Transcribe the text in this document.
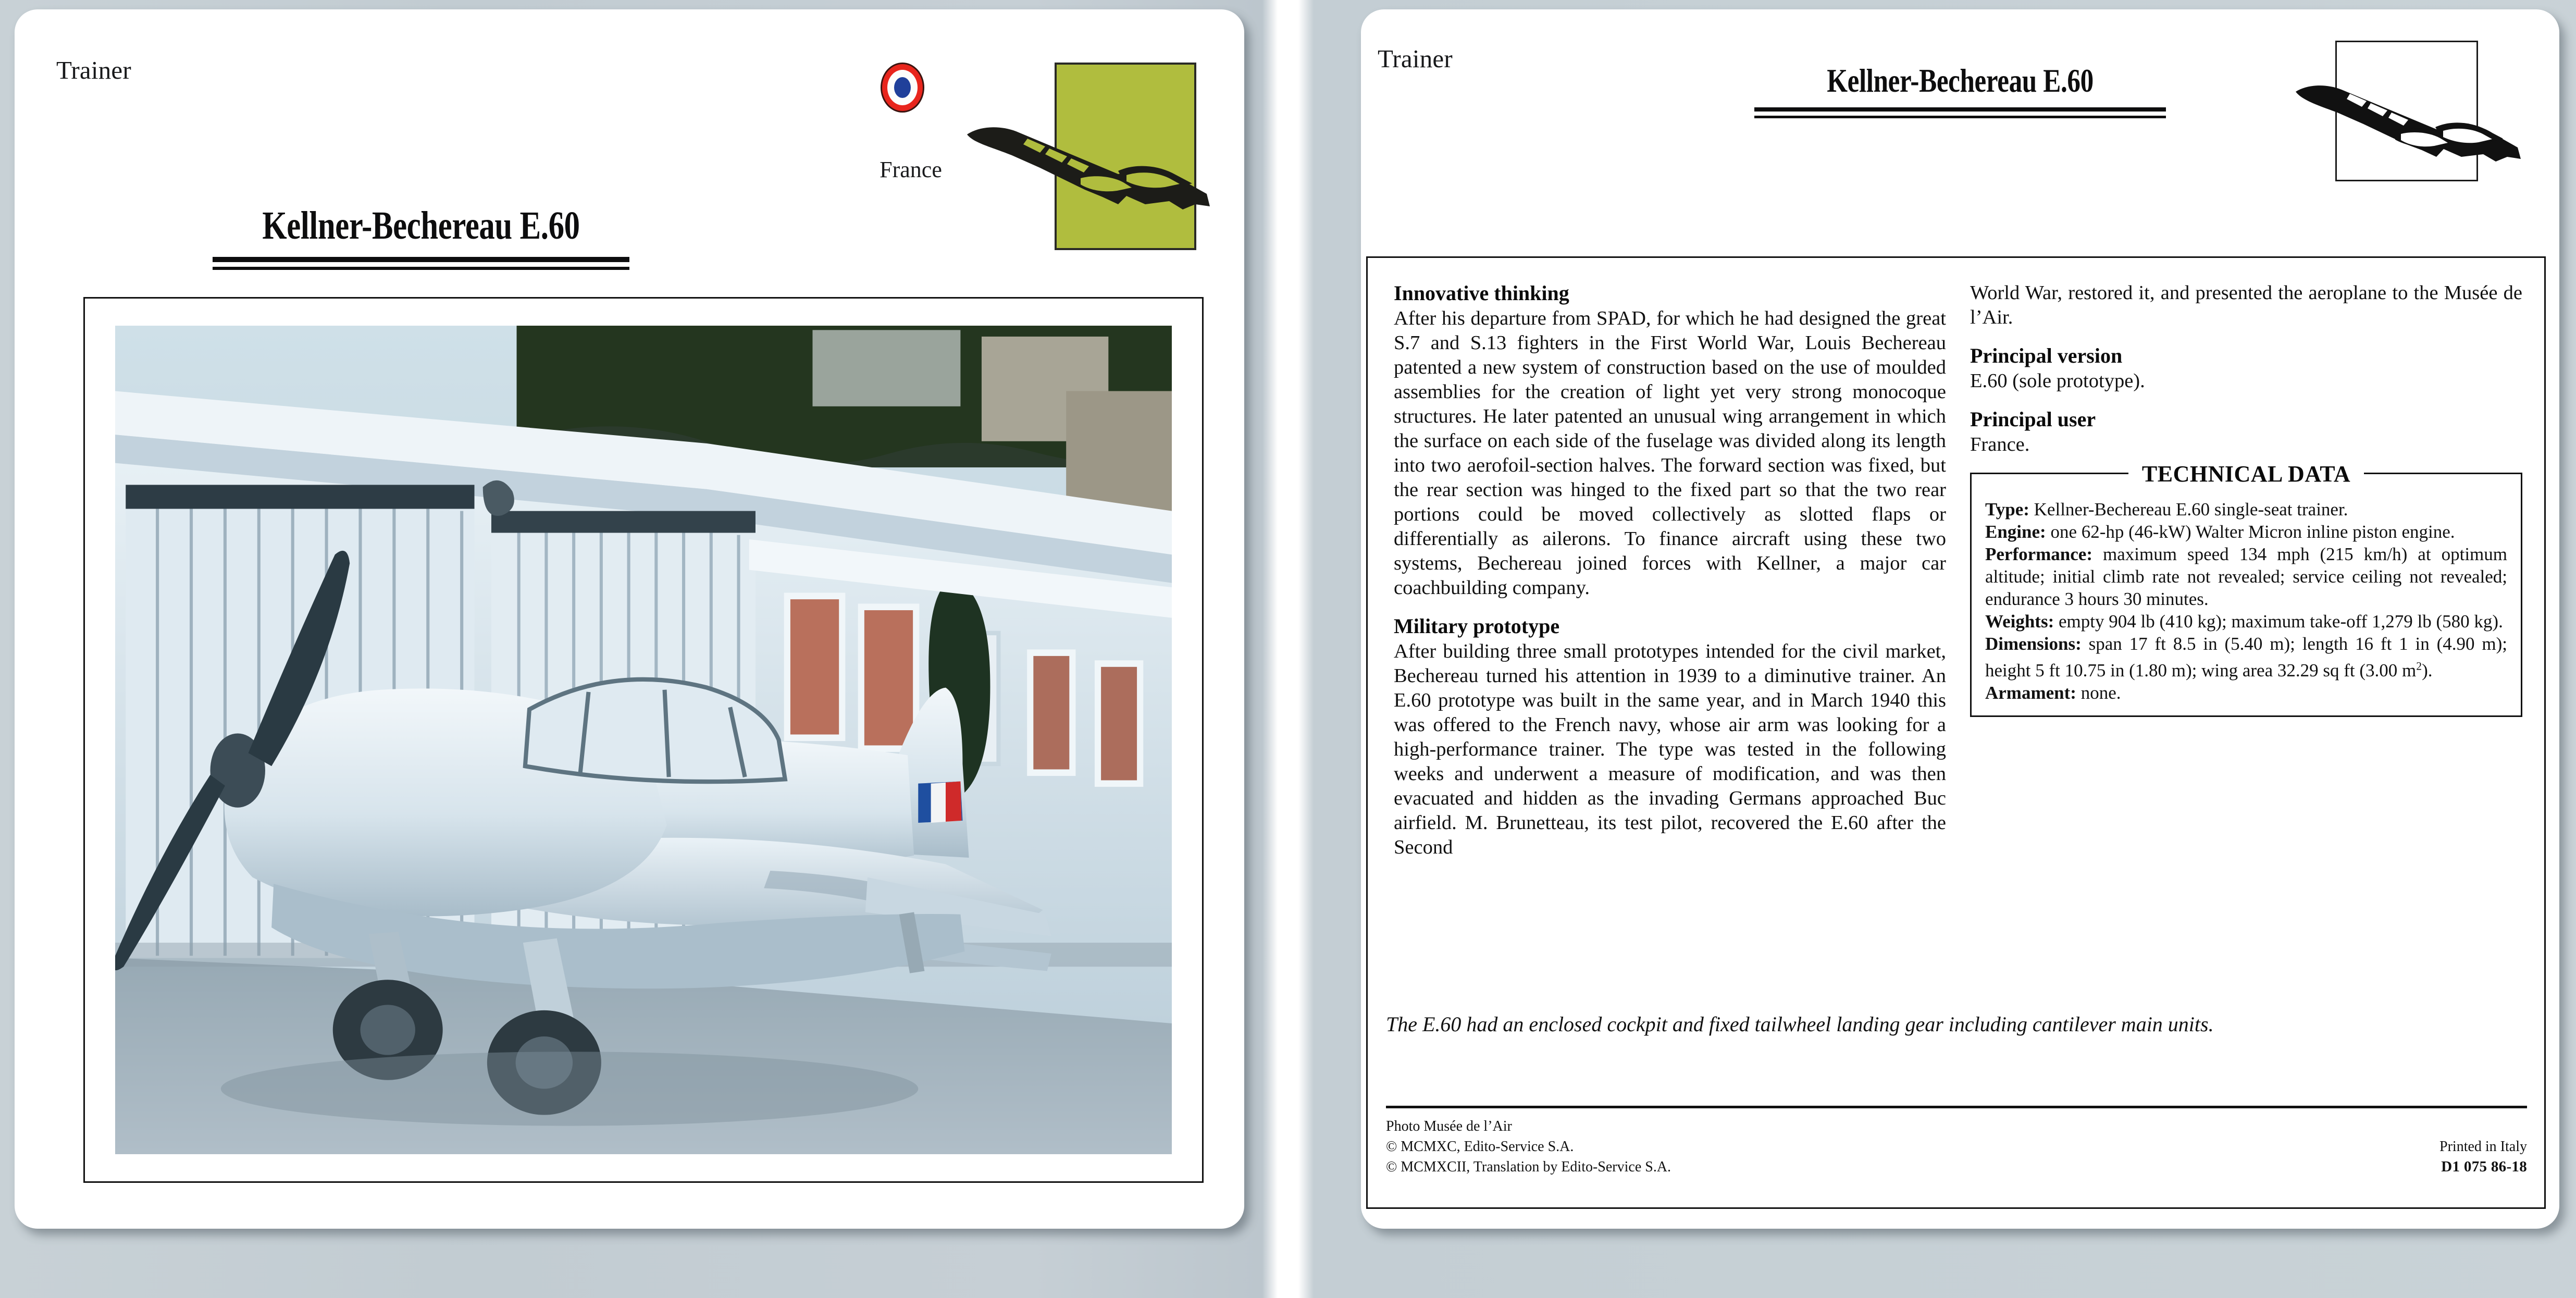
Trainer
France
Kellner-Bechereau E.60
Trainer
Kellner-Bechereau E.60
Innovative thinking

After his departure from SPAD, for which he had designed the great S.7 and S.13 fighters in the First World War, Louis Bechereau patented a new system of construction based on the use of moulded assemblies for the creation of light yet very strong monocoque structures. He later patented an unusual wing arrangement in which the surface on each side of the fuselage was divided along its length into two aerofoil-section halves. The forward section was fixed, but the rear section was hinged to the fixed part so that the two rear portions could be moved collectively as slotted flaps or differentially as ailerons. To finance aircraft using these two systems, Bechereau joined forces with Kellner, a major car coachbuilding company.

Military prototype

After building three small prototypes intended for the civil market, Bechereau turned his attention in 1939 to a diminutive trainer. An E.60 prototype was built in the same year, and in March 1940 this was offered to the French navy, whose air arm was looking for a high-performance trainer. The type was tested in the following weeks and underwent a measure of modification, and was then evacuated and hidden as the invading Germans approached Buc airfield. M. Brunetteau, its test pilot, recovered the E.60 after the Second

World War, restored it, and presented the aeroplane to the Musée de l’Air.

Principal version

E.60 (sole prototype).

Principal user

France.

TECHNICAL DATA

Type: Kellner-Bechereau E.60 single-seat trainer.

Engine: one 62-hp (46-kW) Walter Micron inline piston engine.

Performance: maximum speed 134 mph (215 km/h) at optimum altitude; initial climb rate not revealed; service ceiling not revealed; endurance 3 hours 30 minutes.

Weights: empty 904 lb (410 kg); maximum take-off 1,279 lb (580 kg).

Dimensions: span 17 ft 8.5 in (5.40 m); length 16 ft 1 in (4.90 m); height 5 ft 10.75 in (1.80 m); wing area 32.29 sq ft (3.00 $m^2$).

Armament: none.

The E.60 had an enclosed cockpit and fixed tailwheel landing gear including cantilever main units.
Photo Musée de l’Air
© MCMXC, Edito-Service S.A.	Printed in Italy
© MCMXCII, Translation by Edito-Service S.A.	D1 075 86-18
